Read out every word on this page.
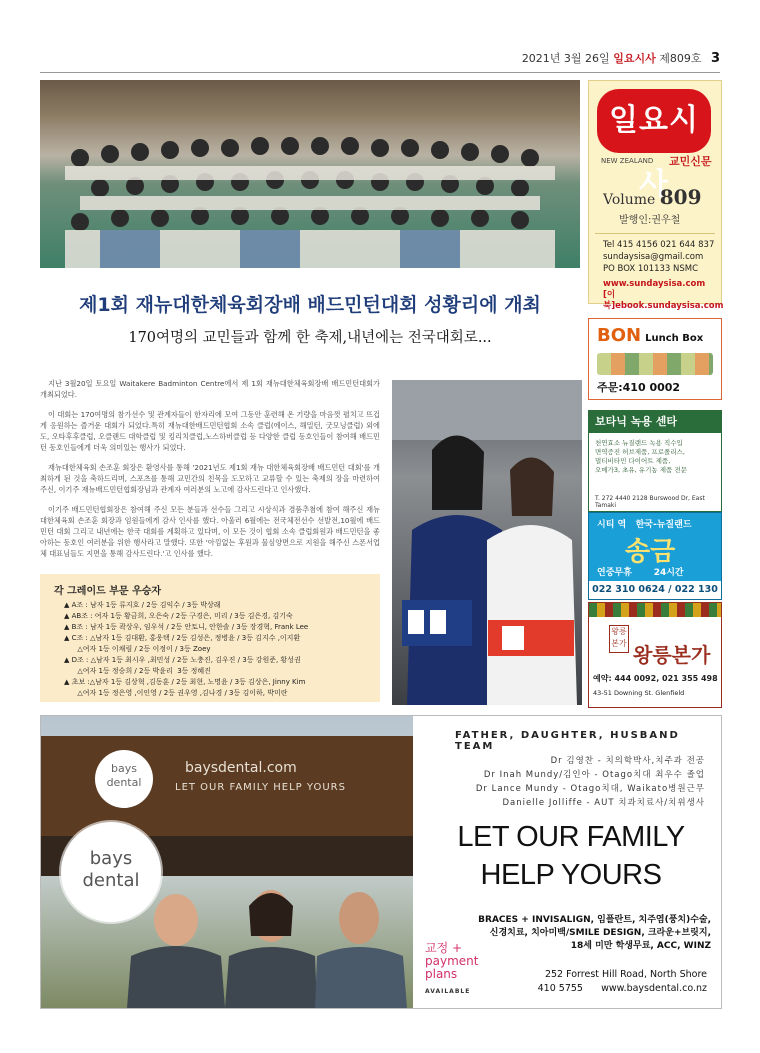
2021년 3월 26일 일요시사 제809호 3
일요시사
NEW ZEALAND 교민신문
Volume 809
발행인:권우철
Tel 415 4156 021 644 837
sundaysisa@gmail.com
PO BOX 101133 NSMC
www.sundaysisa.com
[이북]ebook.sundaysisa.com
제1회 재뉴대한체육회장배 배드민턴대회 성황리에 개최
170여명의 교민들과 함께 한 축제,내년에는 전국대회로...

지난 3월20일 토요일 Waitakere Badminton Centre에서 제 1회 재뉴대한체육회장배 배드민턴대회가 개최되었다.

이 대회는 170여명의 참가선수 및 관계자들이 한자리에 모여 그동안 훈련해 온 기량을 마음껏 펼치고 뜨겁게 응원하는 즐거운 대회가 되었다.특히 재뉴대한배드민턴협회 소속 클럽(에이스, 해밀턴, 굿모닝클럽) 외에도, 오타후후클럽, 오클랜드 대학클럽 및 킹리치클럽,노스하버클럽 등 다양한 클럽 동호인들이 참여해 배드민턴 동호인들에게 더욱 의미있는 행사가 되었다.

재뉴대한체육회 손조훈 회장은 환영사를 통해 '2021년도 제1회 재뉴 대한체육회장배 배드민턴 대회'를 개최하게 된 것을 축하드리며, 스포츠를 통해 교민간의 친목을 도모하고 교류할 수 있는 축제의 장을 마련하여 주신, 이기주 재뉴배드민턴협회장님과 관계자 여러분의 노고에 감사드린다고 인사했다.

이기주 배드민턴협회장은 참여해 주신 모든 분들과 선수들 그리고 시상식과 경품추첨에 참여 해주신 재뉴대한체육회 손조훈 회장과 임원들에게 감사 인사를 했다. 아울러 6월에는 전국체전선수 선발전,10월에 배드민턴 대회 그리고 내년에는 한국 대회를 계획하고 있다며, 이 모든 것이 협회 소속 클럽회원과 배드민턴을 좋아하는 동호인 여러분을 위한 행사라고 말했다. 또한 '아낌없는 후원과 물심양면으로 지원을 해주신 스폰서업체 대표님들도 지면을 통해 감사드린다.'고 인사를 했다.

각 그레이드 부문 우승자
▲ A조 : 남자 1등 류지호 / 2등 김익수 / 3등 박상래
▲ AB조 : 여자 1등 황금희, 오은숙 / 2등 구경은, 미리 / 3등 김은경, 김기숙
▲ B조 : 남자 1등 곽상우, 임우석 / 2등 안토니, 안한솔 / 3등 장경혁, Frank Lee
▲ C조 : △남자 1등 김대환, 홍웅택 / 2등 김성은, 정병윤 / 3등 김지수 ,이지환
△여자 1등 이채림 / 2등 이정이 / 3등 Zoey
▲ D조 : △남자 1등 최시우 ,최민성 / 2등 노충진, 김우진 / 3등 강원준, 황성권
△여자 1등 정승희 / 2등 박윤리  3등 정혜진
▲ 초보 :△남자 1등 김상혁 ,김동훈 / 2등 최현, 노명윤 / 3등 김상은, Jinny Kim
△여자 1등 정은영 ,이인영 / 2등 권우영 ,김나경 / 3등 김이하, 박미란
BON Lunch Box
주문:410 0002
보타닉 녹용 센타
천연효소 뉴질랜드 녹용 직수입
면역증진 허브제품, 프로폴리스,
멀티비타민 다이어트 제품,
오메가3, 초유, 유기농 제품 전문
T. 272 4440 2128 Burswood Dr, East Tamaki
시티 역   한국-뉴질랜드
송금
연중무휴       24시간
022 310 0624 / 022 130
왕릉
본가 왕릉본가
예약: 444 0092, 021 355 498
43-51 Downing St. Glenfield
bays dental
baysdental.com
LET OUR FAMILY HELP YOURS
bays dental
FATHER, DAUGHTER, HUSBAND TEAM
Dr 김영찬 - 치의학박사,치주과 전공
Dr Inah Mundy/김인아 - Otago치대 최우수 졸업
Dr Lance Mundy - Otago치대, Waikato병원근무
Danielle Jolliffe - AUT 치과치료사/치위생사
LET OUR FAMILY
HELP YOURS
BRACES + INVISALIGN, 임플란트, 치주염(풍치)수술,
신경치료, 치아미백/SMILE DESIGN, 크라운+브릿지,
18세 미만 학생무료, ACC, WINZ
교정 +
payment
plans
AVAILABLE
252 Forrest Hill Road, North Shore
410 5755 www.baysdental.co.nz
